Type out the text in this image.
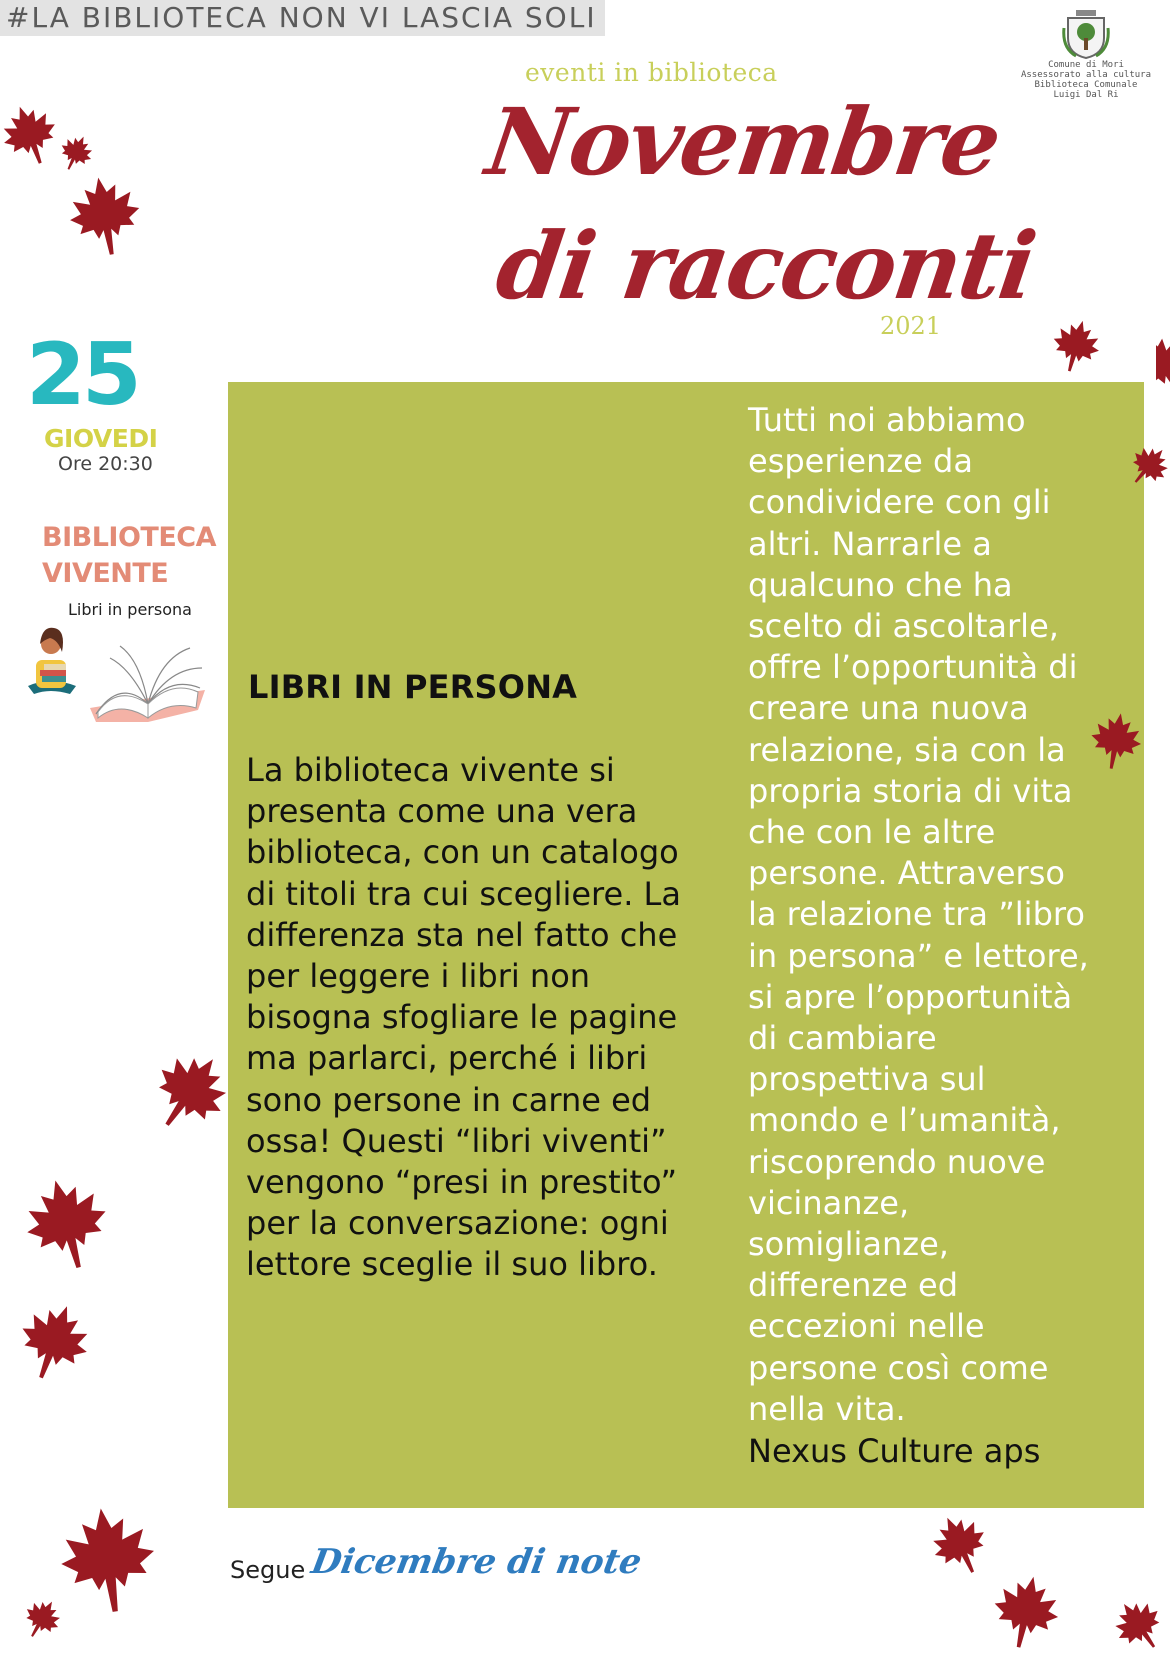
#LA BIBLIOTECA NON VI LASCIA SOLI
Comune di Mori
Assessorato alla cultura
Biblioteca Comunale
Luigi Dal Ri
eventi in biblioteca
Novembre
di racconti
2021
25
GIOVEDI
Ore 20:30
BIBLIOTECA
VIVENTE
Libri in persona
LIBRI IN PERSONA
La biblioteca vivente si
presenta come una vera
biblioteca, con un catalogo
di titoli tra cui scegliere. La
differenza sta nel fatto che
per leggere i libri non
bisogna sfogliare le pagine
ma parlarci, perché i libri
sono persone in carne ed
ossa! Questi “libri viventi”
vengono “presi in prestito”
per la conversazione: ogni
lettore sceglie il suo libro.
Tutti noi abbiamo
esperienze da
condividere con gli
altri. Narrarle a
qualcuno che ha
scelto di ascoltarle,
offre l’opportunità di
creare una nuova
relazione, sia con la
propria storia di vita
che con le altre
persone. Attraverso
la relazione tra ”libro
in persona” e lettore,
si apre l’opportunità
di cambiare
prospettiva sul
mondo e l’umanità,
riscoprendo nuove
vicinanze,
somiglianze,
differenze ed
eccezioni nelle
persone così come
nella vita.
Nexus Culture aps
Segue Dicembre di note
